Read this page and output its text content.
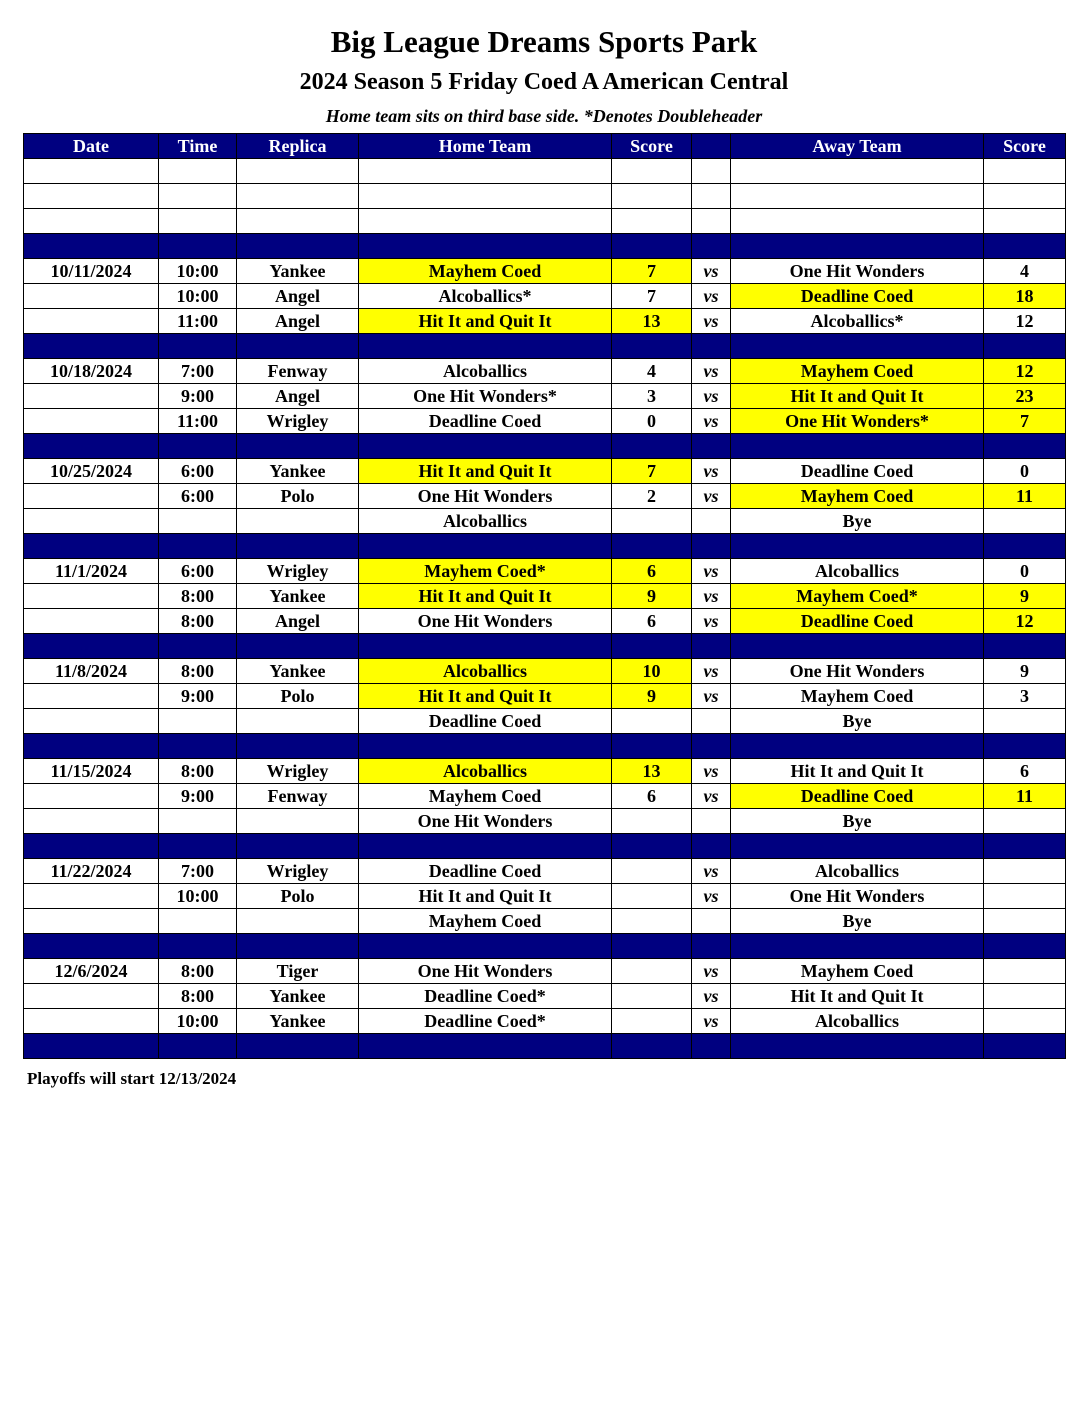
Big League Dreams Sports Park
2024 Season 5 Friday Coed A American Central
Home team sits on third base side. *Denotes Doubleheader
Date	Time	Replica	Home Team	Score		Away Team	Score

10/11/2024	10:00	Yankee	Mayhem Coed	7	vs	One Hit Wonders	4
	10:00	Angel	Alcoballics*	7	vs	Deadline Coed	18
	11:00	Angel	Hit It and Quit It	13	vs	Alcoballics*	12

10/18/2024	7:00	Fenway	Alcoballics	4	vs	Mayhem Coed	12
	9:00	Angel	One Hit Wonders*	3	vs	Hit It and Quit It	23
	11:00	Wrigley	Deadline Coed	0	vs	One Hit Wonders*	7

10/25/2024	6:00	Yankee	Hit It and Quit It	7	vs	Deadline Coed	0
	6:00	Polo	One Hit Wonders	2	vs	Mayhem Coed	11
			Alcoballics			Bye	

11/1/2024	6:00	Wrigley	Mayhem Coed*	6	vs	Alcoballics	0
	8:00	Yankee	Hit It and Quit It	9	vs	Mayhem Coed*	9
	8:00	Angel	One Hit Wonders	6	vs	Deadline Coed	12

11/8/2024	8:00	Yankee	Alcoballics	10	vs	One Hit Wonders	9
	9:00	Polo	Hit It and Quit It	9	vs	Mayhem Coed	3
			Deadline Coed			Bye	

11/15/2024	8:00	Wrigley	Alcoballics	13	vs	Hit It and Quit It	6
	9:00	Fenway	Mayhem Coed	6	vs	Deadline Coed	11
			One Hit Wonders			Bye	

11/22/2024	7:00	Wrigley	Deadline Coed		vs	Alcoballics	
	10:00	Polo	Hit It and Quit It		vs	One Hit Wonders	
			Mayhem Coed			Bye	

12/6/2024	8:00	Tiger	One Hit Wonders		vs	Mayhem Coed	
	8:00	Yankee	Deadline Coed*		vs	Hit It and Quit It	
	10:00	Yankee	Deadline Coed*		vs	Alcoballics	

Playoffs will start 12/13/2024
